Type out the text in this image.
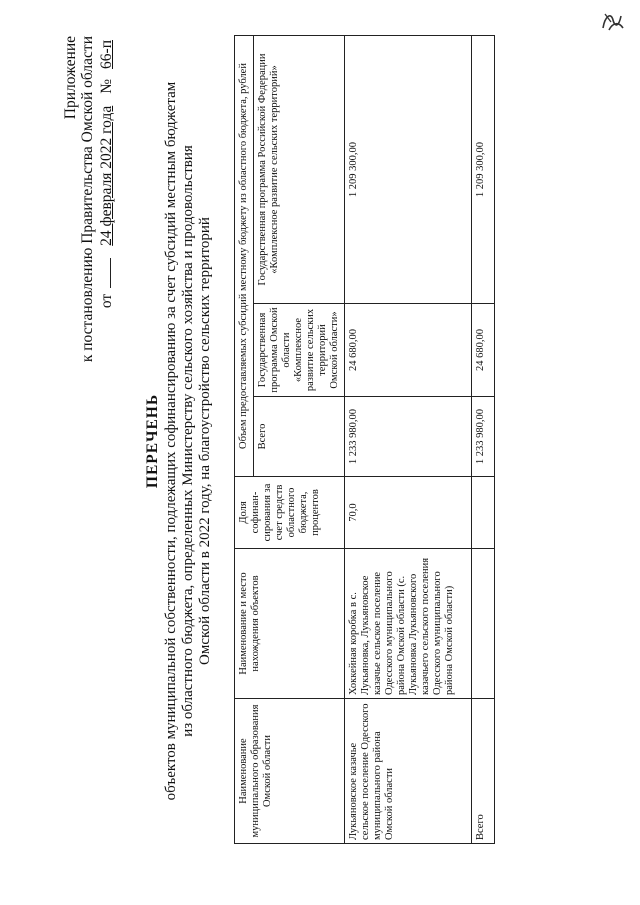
Приложение к постановлению Правительства Омской области от
24 февраля 2022 года
№
66-п
ПЕРЕЧЕНЬ объектов муниципальной собственности, подлежащих софинансированию за счет субсидий местным бюджетам из областного бюджета, определенных Министерству сельского хозяйства и продовольствия Омской области в 2022 году, на благоустройство сельских территорий
Наименование муниципального образования Омской области	Наименование и место нахождения объектов	Доля софинан-сирования за счет средств областного бюджета, процентов	Объем предоставляемых субсидий местному бюджету из областного бюджета, рублей		
			Всего	Государственная программа Омской области «Комплексное развитие сельских территорий Омской области»	Государственная программа Российской Федерации «Комплексное развитие сельских территорий»
Лукьяновское казачье сельское поселение Одесского муниципального района Омской области	Хоккейная коробка в с. Лукьяновка, Лукьяновское казачье сельское поселение Одесского муниципального района Омской области (с. Лукьяновка Лукьяновского казачьего сельского поселения Одесского муниципального района Омской области)	70,0	1 233 980,00	24 680,00	1 209 300,00
Всего			1 233 980,00	24 680,00	1 209 300,00
